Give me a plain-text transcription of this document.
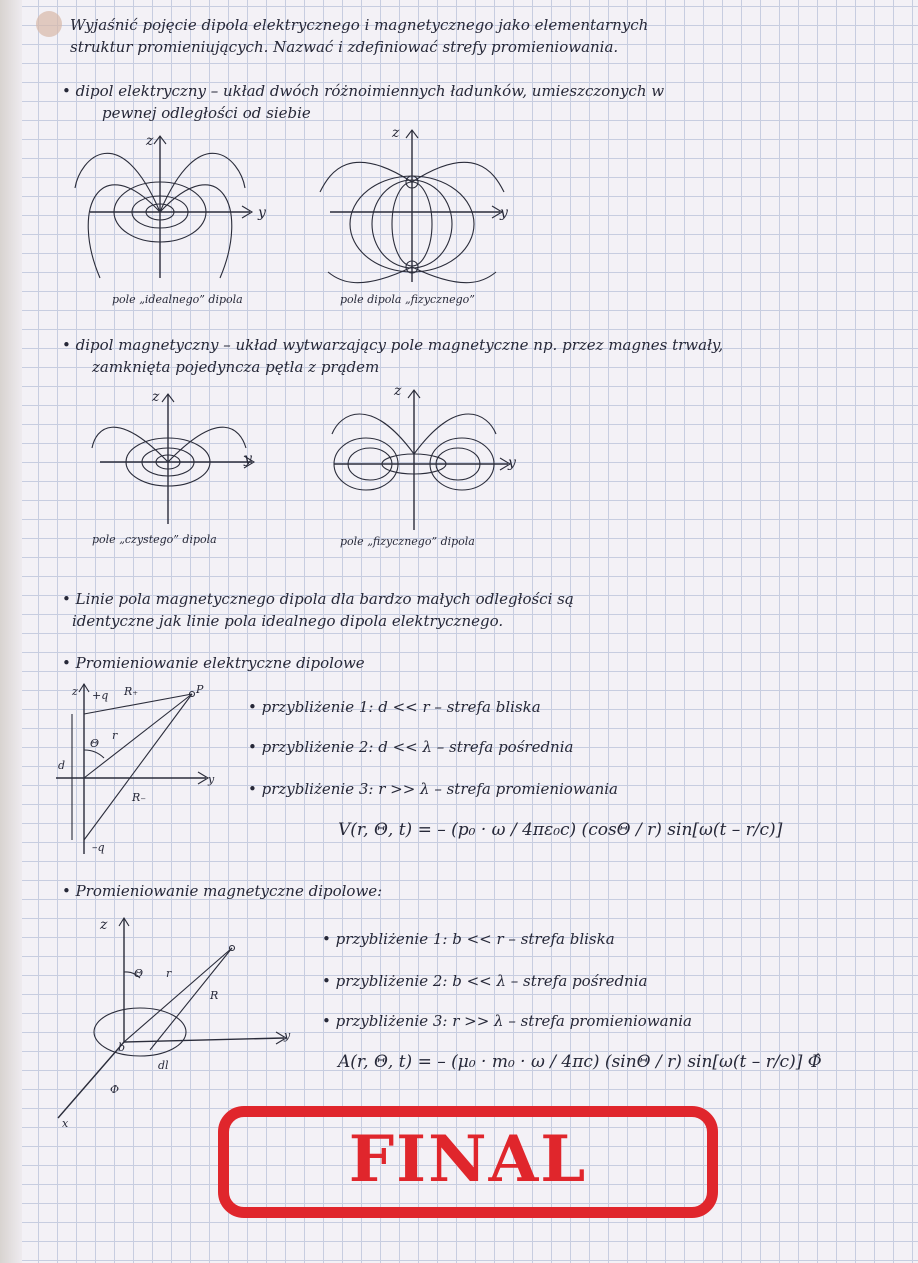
Wyjaśnić pojęcie dipola elektrycznego i magnetycznego jako elementarnych
struktur promieniujących. Nazwać i zdefiniować strefy promieniowania.
• dipol elektryczny – układ dwóch różnoimiennych ładunków, umieszczonych w
pewnej odległości od siebie
z
y
pole „idealnego” dipola
z
y
pole dipola „fizycznego”
• dipol magnetyczny – układ wytwarzający pole magnetyczne np. przez magnes trwały,
zamknięta pojedyncza pętla z prądem
z
y
pole „czystego” dipola
z
y
pole „fizycznego” dipola
• Linie pola magnetycznego dipola dla bardzo małych odległości są
identyczne jak linie pola idealnego dipola elektrycznego.
• Promieniowanie elektryczne dipolowe
z +q R₊	P
Θ
r
d
y
R₋
–q
• przybliżenie 1: d << r – strefa bliska
• przybliżenie 2: d << λ – strefa pośrednia
• przybliżenie 3: r >> λ – strefa promieniowania
V(r, Θ, t) = – (p₀ · ω / 4πε₀c) (cosΘ / r) sin[ω(t – r/c)]
• Promieniowanie magnetyczne dipolowe:
z
Θ r
R
b
dl
y
Φ
x
• przybliżenie 1: b << r – strefa bliska
• przybliżenie 2: b << λ – strefa pośrednia
• przybliżenie 3: r >> λ – strefa promieniowania
A(r, Θ, t) = – (μ₀ · m₀ · ω / 4πc) (sinΘ / r) sin[ω(t – r/c)] Φ̂
FINAL
